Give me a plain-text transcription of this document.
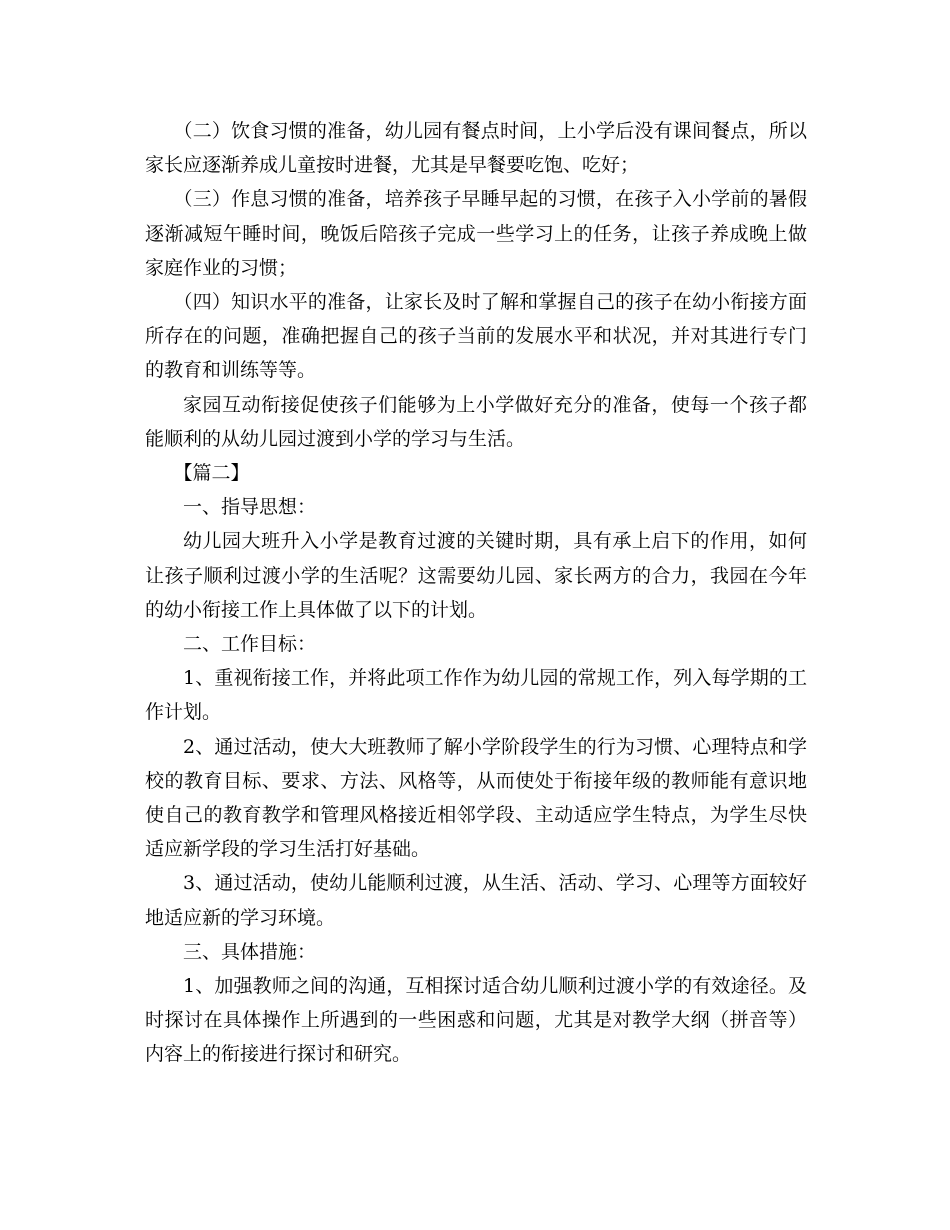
（二）饮食习惯的准备，幼儿园有餐点时间，上小学后没有课间餐点，所以家长应逐渐养成儿童按时进餐，尤其是早餐要吃饱、吃好；

（三）作息习惯的准备，培养孩子早睡早起的习惯，在孩子入小学前的暑假逐渐减短午睡时间，晚饭后陪孩子完成一些学习上的任务，让孩子养成晚上做家庭作业的习惯；

（四）知识水平的准备，让家长及时了解和掌握自己的孩子在幼小衔接方面所存在的问题，准确把握自己的孩子当前的发展水平和状况，并对其进行专门的教育和训练等等。

家园互动衔接促使孩子们能够为上小学做好充分的准备，使每一个孩子都能顺利的从幼儿园过渡到小学的学习与生活。

【篇二】

一、指导思想：

幼儿园大班升入小学是教育过渡的关键时期，具有承上启下的作用，如何让孩子顺利过渡小学的生活呢？这需要幼儿园、家长两方的合力，我园在今年的幼小衔接工作上具体做了以下的计划。

二、工作目标：

1、重视衔接工作，并将此项工作作为幼儿园的常规工作，列入每学期的工作计划。

2、通过活动，使大大班教师了解小学阶段学生的行为习惯、心理特点和学校的教育目标、要求、方法、风格等，从而使处于衔接年级的教师能有意识地使自己的教育教学和管理风格接近相邻学段、主动适应学生特点，为学生尽快适应新学段的学习生活打好基础。

3、通过活动，使幼儿能顺利过渡，从生活、活动、学习、心理等方面较好地适应新的学习环境。

三、具体措施：

1、加强教师之间的沟通，互相探讨适合幼儿顺利过渡小学的有效途径。及时探讨在具体操作上所遇到的一些困惑和问题，尤其是对教学大纲（拼音等）内容上的衔接进行探讨和研究。
